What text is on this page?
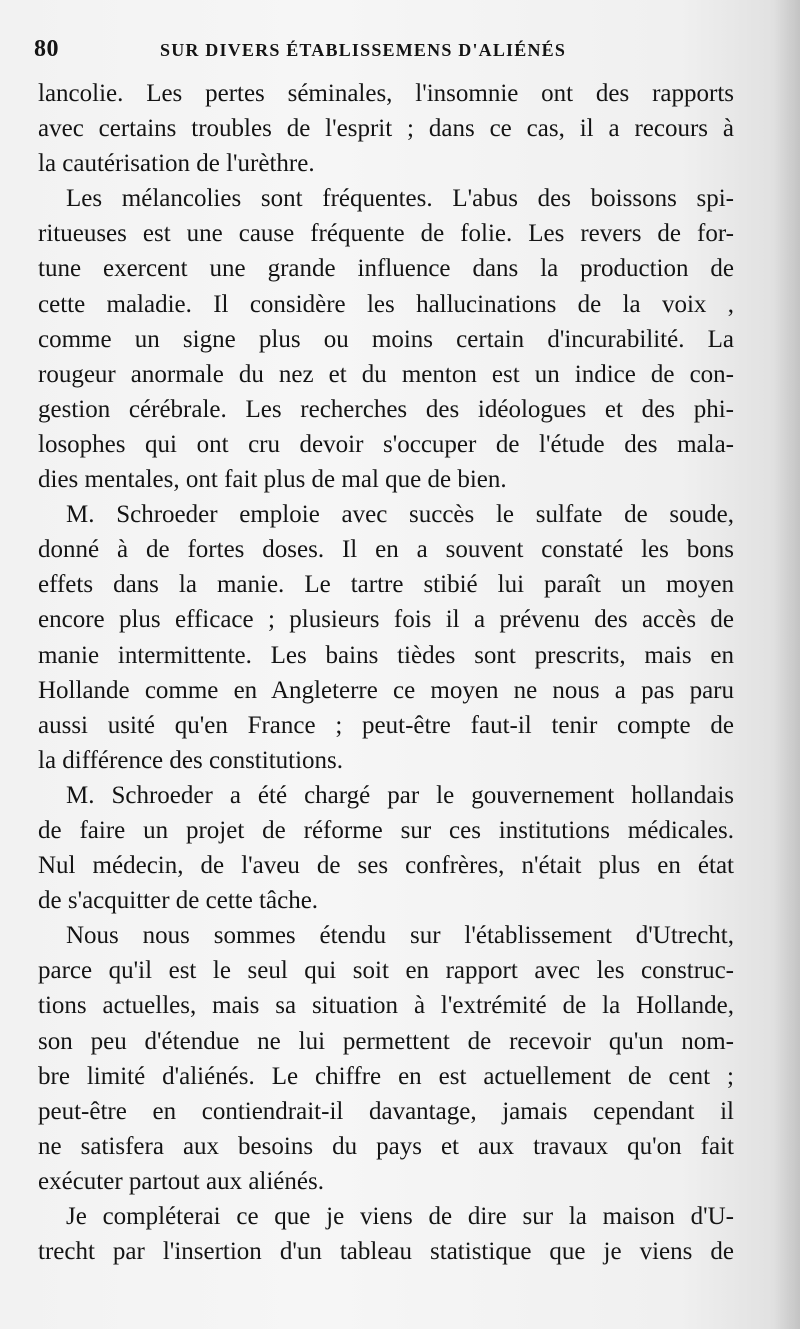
80	SUR DIVERS ÉTABLISSEMENS D'ALIÉNÉS
lancolie. Les pertes séminales, l'insomnie ont des rapports
avec certains troubles de l'esprit ; dans ce cas, il a recours à
la cautérisation de l'urèthre.
Les mélancolies sont fréquentes. L'abus des boissons spi-
ritueuses est une cause fréquente de folie. Les revers de for-
tune exercent une grande influence dans la production de
cette maladie. Il considère les hallucinations de la voix ,
comme un signe plus ou moins certain d'incurabilité. La
rougeur anormale du nez et du menton est un indice de con-
gestion cérébrale. Les recherches des idéologues et des phi-
losophes qui ont cru devoir s'occuper de l'étude des mala-
dies mentales, ont fait plus de mal que de bien.
M. Schroeder emploie avec succès le sulfate de soude,
donné à de fortes doses. Il en a souvent constaté les bons
effets dans la manie. Le tartre stibié lui paraît un moyen
encore plus efficace ; plusieurs fois il a prévenu des accès de
manie intermittente. Les bains tièdes sont prescrits, mais en
Hollande comme en Angleterre ce moyen ne nous a pas paru
aussi usité qu'en France ; peut-être faut-il tenir compte de
la différence des constitutions.
M. Schroeder a été chargé par le gouvernement hollandais
de faire un projet de réforme sur ces institutions médicales.
Nul médecin, de l'aveu de ses confrères, n'était plus en état
de s'acquitter de cette tâche.
Nous nous sommes étendu sur l'établissement d'Utrecht,
parce qu'il est le seul qui soit en rapport avec les construc-
tions actuelles, mais sa situation à l'extrémité de la Hollande,
son peu d'étendue ne lui permettent de recevoir qu'un nom-
bre limité d'aliénés. Le chiffre en est actuellement de cent ;
peut-être en contiendrait-il davantage, jamais cependant il
ne satisfera aux besoins du pays et aux travaux qu'on fait
exécuter partout aux aliénés.
Je compléterai ce que je viens de dire sur la maison d'U-
trecht par l'insertion d'un tableau statistique que je viens de
